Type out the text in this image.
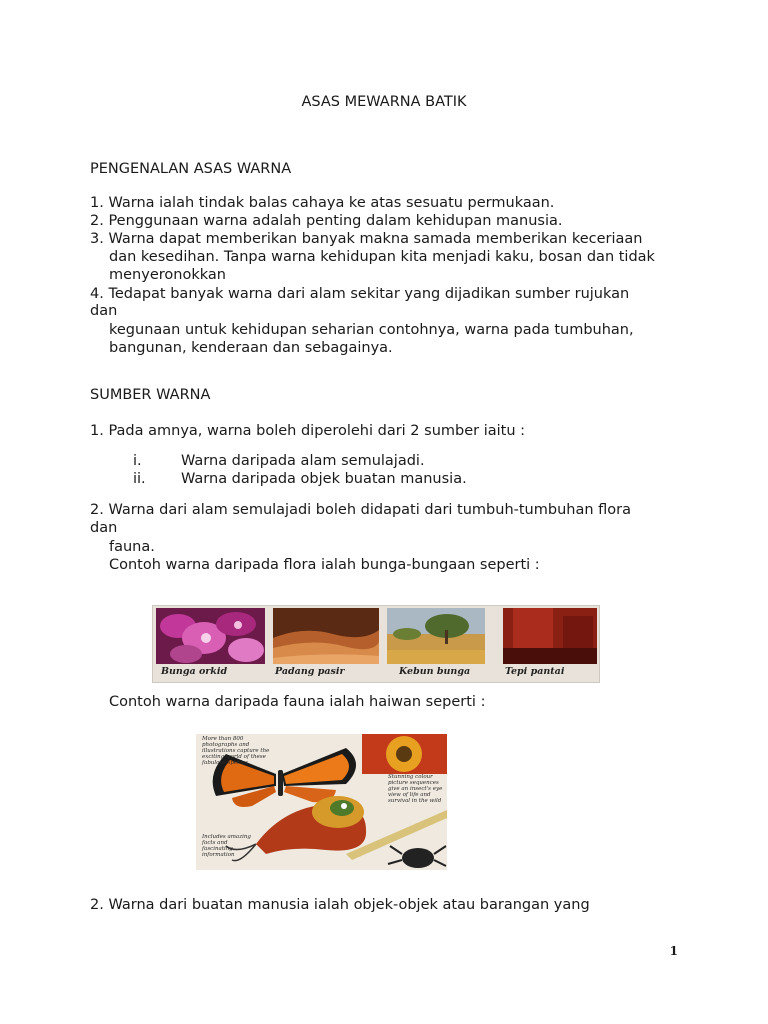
ASAS MEWARNA BATIK
PENGENALAN ASAS WARNA
1. Warna ialah tindak balas cahaya ke atas sesuatu permukaan.
2. Penggunaan warna adalah penting dalam kehidupan manusia.
3. Warna dapat memberikan banyak makna samada memberikan keceriaan
dan kesedihan. Tanpa warna kehidupan kita menjadi kaku, bosan dan tidak
menyeronokkan
4. Tedapat banyak warna dari alam sekitar yang dijadikan sumber rujukan
dan
kegunaan untuk kehidupan seharian contohnya, warna pada tumbuhan,
bangunan, kenderaan dan sebagainya.
SUMBER WARNA
1. Pada amnya, warna boleh diperolehi dari 2 sumber iaitu :
i.	Warna daripada alam semulajadi.
ii. Warna daripada objek buatan manusia.
2. Warna dari alam semulajadi boleh didapati dari tumbuh-tumbuhan flora
dan
fauna.
Contoh warna daripada flora ialah bunga-bungaan seperti :
Bunga orkid	Padang pasir	Kebun bunga	Tepi pantai
Contoh warna daripada fauna ialah haiwan seperti :
More than 800 photographs and illustrations capture the exciting world of these fabulous species
Stunning colour picture sequences give an insect's eye view of life and survival in the wild
Includes amazing facts and fascinating information
2. Warna dari buatan manusia ialah objek-objek atau barangan yang
1
